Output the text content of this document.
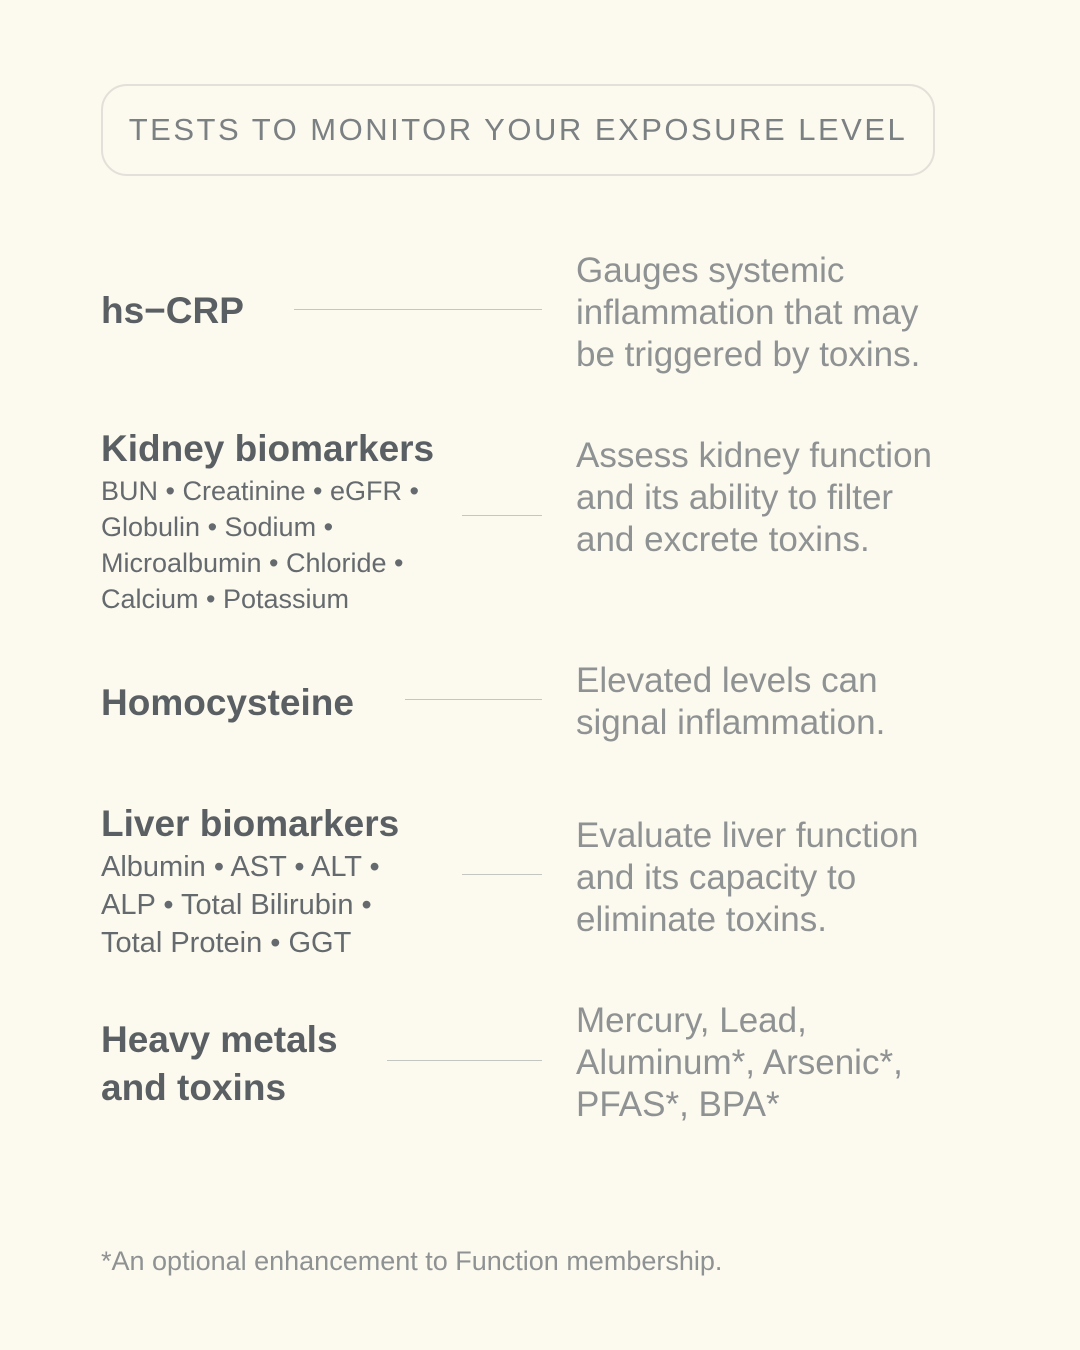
TESTS TO MONITOR YOUR EXPOSURE LEVEL
hs−CRP
Gauges systemic inflammation that may be triggered by toxins.
Kidney biomarkers
BUN • Creatinine • eGFR • Globulin • Sodium • Microalbumin • Chloride • Calcium • Potassium
Assess kidney function and its ability to filter and excrete toxins.
Homocysteine
Elevated levels can signal inflammation.
Liver biomarkers
Albumin • AST • ALT • ALP • Total Bilirubin • Total Protein • GGT
Evaluate liver function and its capacity to eliminate toxins.
Heavy metals and toxins
Mercury, Lead, Aluminum*, Arsenic*, PFAS*, BPA*
*An optional enhancement to Function membership.
